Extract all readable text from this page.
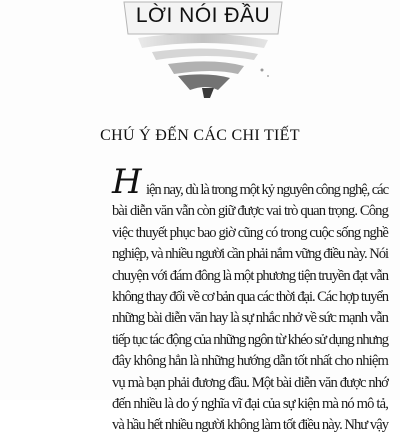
LỜI NÓI ĐẦU
CHÚ Ý ĐẾN CÁC CHI TIẾT
H iện nay, dù là trong một kỷ nguyên công nghệ, các
bài diễn văn vẫn còn giữ được vai trò quan trọng. Công
việc thuyết phục bao giờ cũng có trong cuộc sống nghề
nghiệp, và nhiều người cần phải nắm vững điều này. Nói
chuyện với đám đông là một phương tiện truyền đạt vẫn
không thay đổi về cơ bản qua các thời đại. Các hợp tuyển
những bài diễn văn hay là sự nhắc nhở về sức mạnh vẫn
tiếp tục tác động của những ngôn từ khéo sử dụng nhưng
đây không hẳn là những hướng dẫn tốt nhất cho nhiệm
vụ mà bạn phải đương đầu. Một bài diễn văn được nhớ
đến nhiều là do ý nghĩa vĩ đại của sự kiện mà nó mô tả,
và hầu hết nhiều người không làm tốt điều này. Như vậy
